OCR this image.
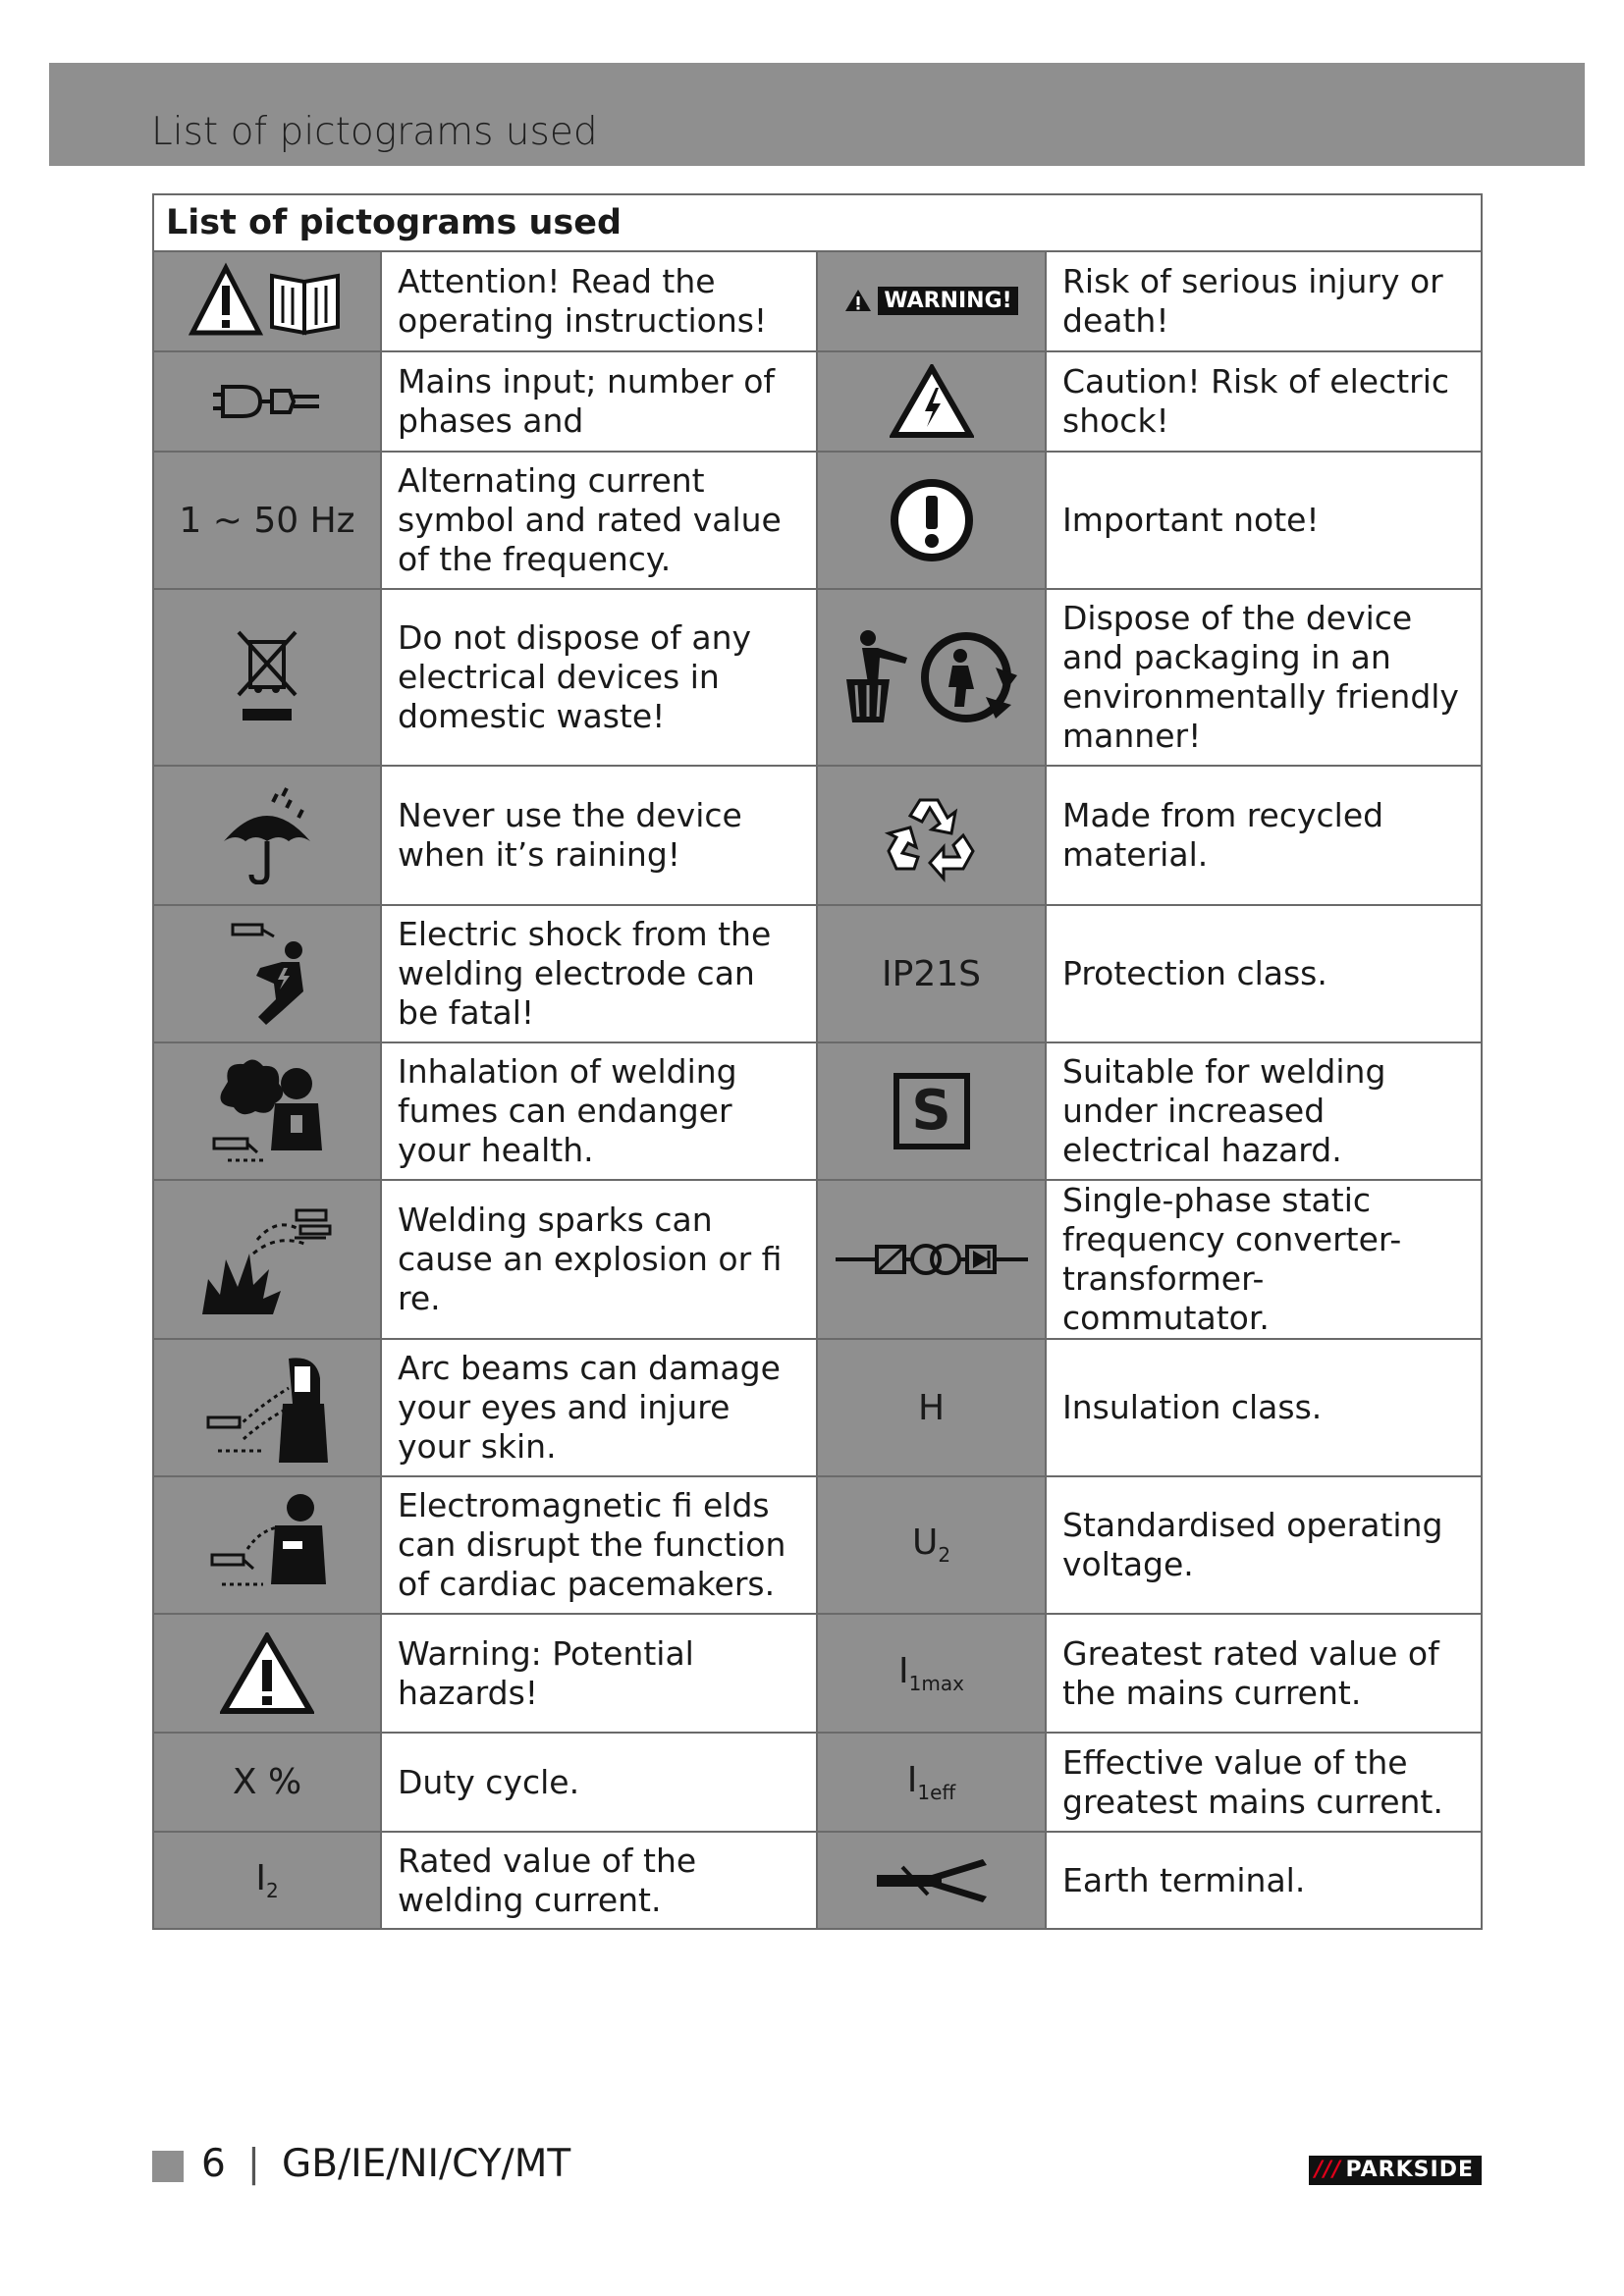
List of pictograms used
List of pictograms used			

	Attention! Read the operating instructions!	WARNING!	Risk of serious injury or death!

	Mains input; number of phases and		Caution! Risk of electric shock!
1 ~ 50 Hz	Alternating current symbol and rated value of the frequency.		Important note!

	Do not dispose of any electrical devices in domestic waste!		Dispose of the device and packaging in an environmentally friendly manner!

	Never use the device when it’s raining!		Made from recycled material.

	Electric shock from the welding electrode can be fatal!	IP21S	Protection class.

	Inhalation of welding fumes can endanger your health.	S	Suitable for welding under increased electrical hazard.

	Welding sparks can cause an explosion or fi re.		Single-phase static frequency converter-transformer-commutator.

	Arc beams can damage your eyes and injure your skin.	H	Insulation class.

	Electromagnetic fi elds can disrupt the function of cardiac pacemakers.	$U_2$	Standardised operating voltage.

	Warning: Potential hazards!	$I_{1max}$	Greatest rated value of the mains current.
X %	Duty cycle.	$I_{1eff}$	Effective value of the greatest mains current.
$I_2$	Rated value of the welding current.		Earth terminal.
6 | GB/IE/NI/CY/MT	/// PARKSIDE
